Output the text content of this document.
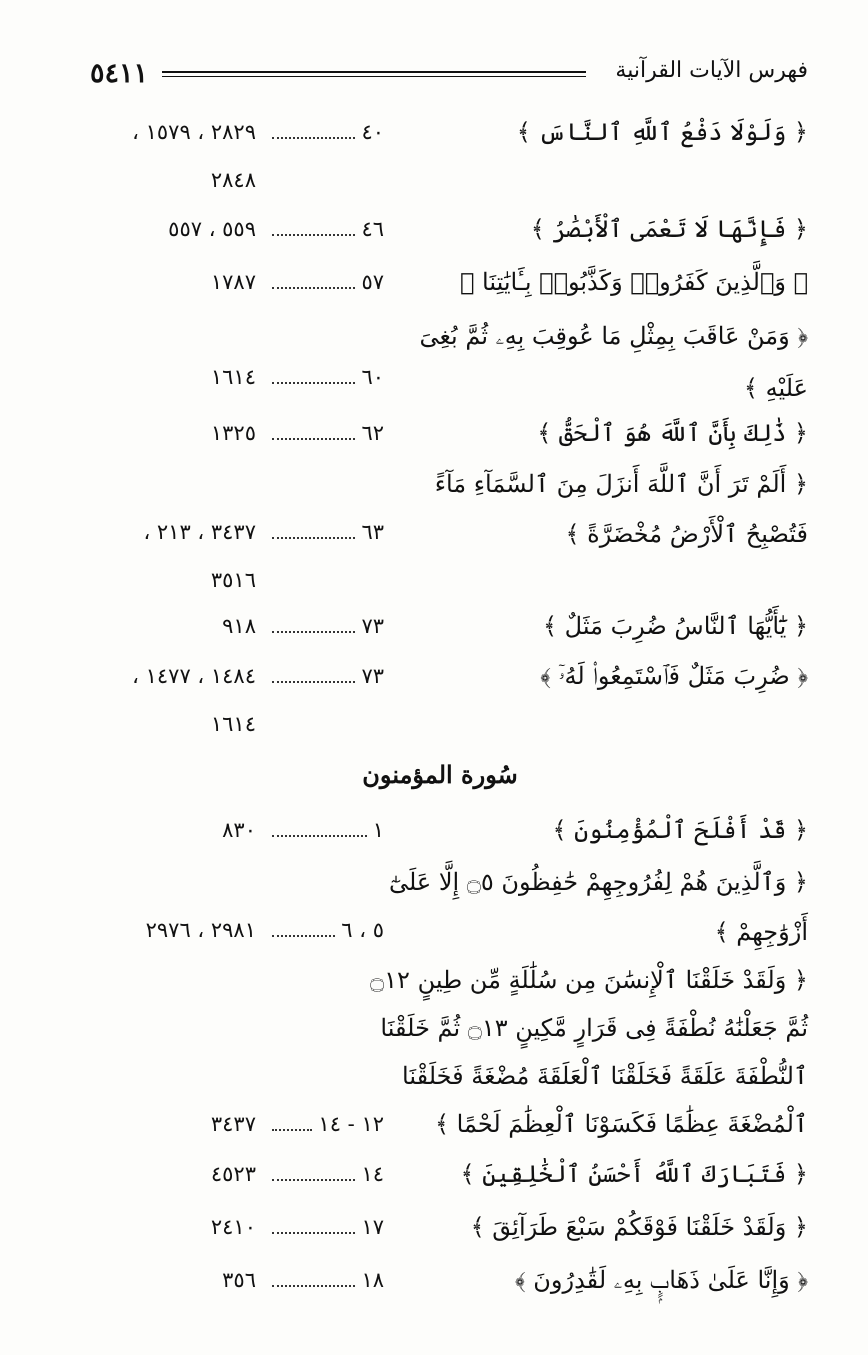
٥٤١١	فهرس الآيات القرآنية
﴿ وَلَوْلَا دَفْعُ ٱللَّهِ ٱلنَّاسَ ﴾
٤٠
٢٨٢٩ ، ١٥٧٩ ،
٢٨٤٨
﴿ فَإِنَّهَا لَا تَعْمَى ٱلْأَبْصَٰرُ ﴾
٤٦
٥٥٩ ، ٥٥٧
﴿ وَٱلَّذِينَ كَفَرُوا۟ وَكَذَّبُوا۟ بِـَٔايَٰتِنَا ﴾
٥٧
١٧٨٧
﴿ وَمَنْ عَاقَبَ بِمِثْلِ مَا عُوقِبَ بِهِۦ ثُمَّ بُغِىَ
عَلَيْهِ ﴾
٦٠
١٦١٤
﴿ ذَٰلِكَ بِأَنَّ ٱللَّهَ هُوَ ٱلْحَقُّ ﴾
٦٢
١٣٢٥
﴿ أَلَمْ تَرَ أَنَّ ٱللَّهَ أَنزَلَ مِنَ ٱلسَّمَآءِ مَآءً
فَتُصْبِحُ ٱلْأَرْضُ مُخْضَرَّةً ﴾
٦٣
٣٤٣٧ ، ٢١٣ ،
٣٥١٦
﴿ يَٰٓأَيُّهَا ٱلنَّاسُ ضُرِبَ مَثَلٌ ﴾
٧٣
٩١٨
﴿ ضُرِبَ مَثَلٌ فَٱسْتَمِعُوا۟ لَهُۥٓ ﴾
٧٣
١٤٨٤ ، ١٤٧٧ ،
١٦١٤
سُورة المؤمنون
﴿ قَدْ أَفْلَحَ ٱلْمُؤْمِنُونَ ﴾
١
٨٣٠
﴿ وَٱلَّذِينَ هُمْ لِفُرُوجِهِمْ حَٰفِظُونَ ۝٥ إِلَّا عَلَىٰٓ
أَزْوَٰجِهِمْ ﴾
٥ ، ٦
٢٩٨١ ، ٢٩٧٦
﴿ وَلَقَدْ خَلَقْنَا ٱلْإِنسَٰنَ مِن سُلَٰلَةٍ مِّن طِينٍ ۝١٢
ثُمَّ جَعَلْنَٰهُ نُطْفَةً فِى قَرَارٍ مَّكِينٍ ۝١٣ ثُمَّ خَلَقْنَا
ٱلنُّطْفَةَ عَلَقَةً فَخَلَقْنَا ٱلْعَلَقَةَ مُضْغَةً فَخَلَقْنَا
ٱلْمُضْغَةَ عِظَٰمًا فَكَسَوْنَا ٱلْعِظَٰمَ لَحْمًا ﴾
١٢ - ١٤
٣٤٣٧
﴿ فَتَبَارَكَ ٱللَّهُ أَحْسَنُ ٱلْخَٰلِقِينَ ﴾
١٤
٤٥٢٣
﴿ وَلَقَدْ خَلَقْنَا فَوْقَكُمْ سَبْعَ طَرَآئِقَ ﴾
١٧
٢٤١٠
﴿ وَإِنَّا عَلَىٰ ذَهَابٍۭ بِهِۦ لَقَٰدِرُونَ ﴾
١٨
٣٥٦
